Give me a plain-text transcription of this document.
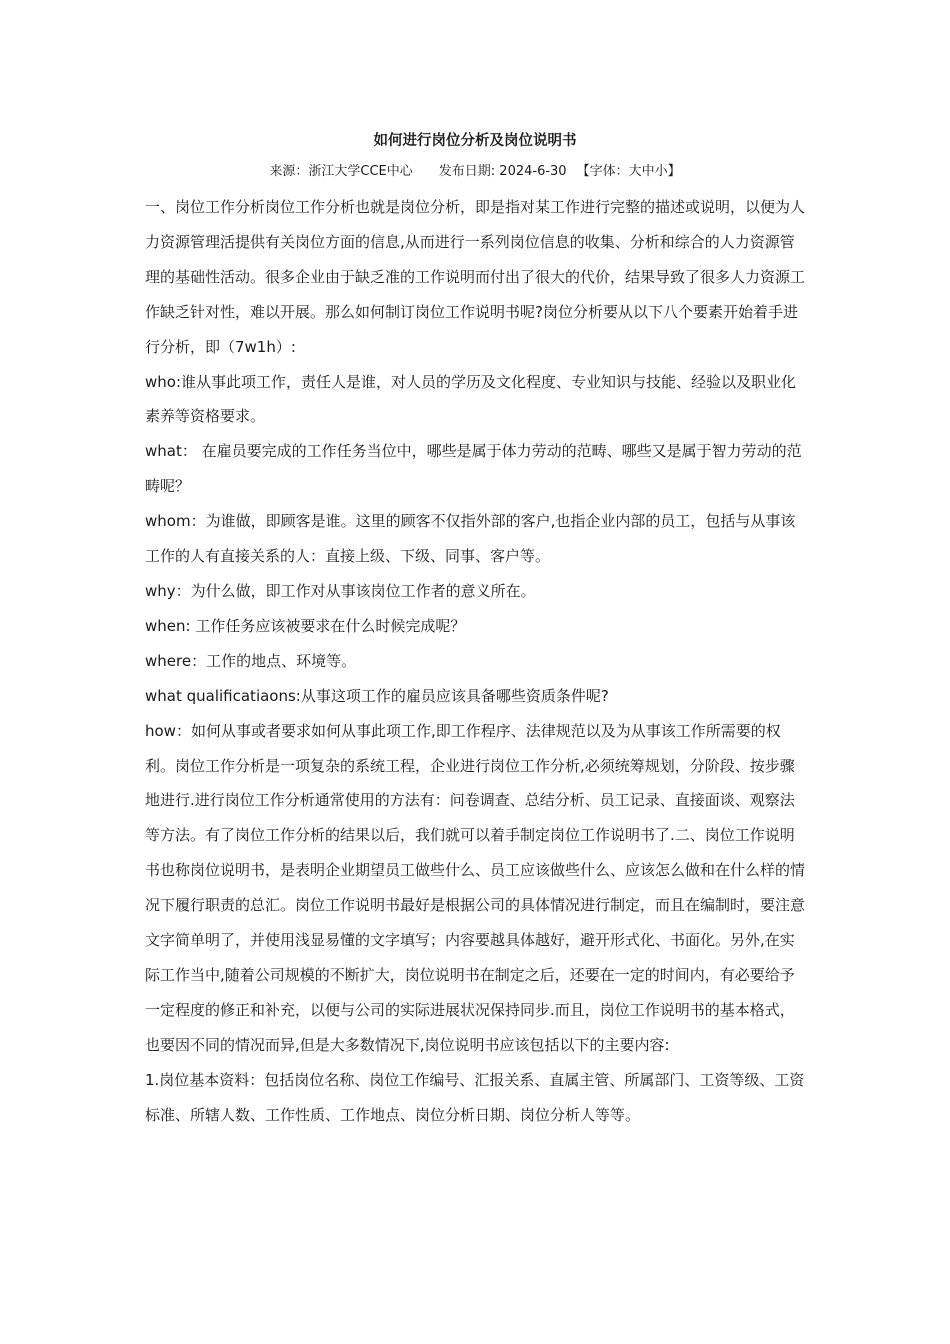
如何进行岗位分析及岗位说明书
来源：浙江大学CCE中心 发布日期: 2024-6-30 【字体：大中小】

一、岗位工作分析岗位工作分析也就是岗位分析，即是指对某工作进行完整的描述或说明，以便为人力资源管理活提供有关岗位方面的信息,从而进行一系列岗位信息的收集、分析和综合的人力资源管理的基础性活动。很多企业由于缺乏准的工作说明而付出了很大的代价，结果导致了很多人力资源工作缺乏针对性，难以开展。那么如何制订岗位工作说明书呢?岗位分析要从以下八个要素开始着手进行分析，即（7w1h）:

who:谁从事此项工作，责任人是谁，对人员的学历及文化程度、专业知识与技能、经验以及职业化素养等资格要求。

what： 在雇员要完成的工作任务当位中，哪些是属于体力劳动的范畴、哪些又是属于智力劳动的范畴呢？

whom：为谁做，即顾客是谁。这里的顾客不仅指外部的客户,也指企业内部的员工，包括与从事该工作的人有直接关系的人：直接上级、下级、同事、客户等。

why：为什么做，即工作对从事该岗位工作者的意义所在。

when: 工作任务应该被要求在什么时候完成呢？

where：工作的地点、环境等。

what qualificatiaons:从事这项工作的雇员应该具备哪些资质条件呢?

how：如何从事或者要求如何从事此项工作,即工作程序、法律规范以及为从事该工作所需要的权利。岗位工作分析是一项复杂的系统工程，企业进行岗位工作分析,必须统筹规划，分阶段、按步骤地进行.进行岗位工作分析通常使用的方法有：问卷调查、总结分析、员工记录、直接面谈、观察法等方法。有了岗位工作分析的结果以后，我们就可以着手制定岗位工作说明书了.二、岗位工作说明书也称岗位说明书，是表明企业期望员工做些什么、员工应该做些什么、应该怎么做和在什么样的情况下履行职责的总汇。岗位工作说明书最好是根据公司的具体情况进行制定，而且在编制时，要注意文字简单明了，并使用浅显易懂的文字填写；内容要越具体越好，避开形式化、书面化。另外,在实际工作当中,随着公司规模的不断扩大，岗位说明书在制定之后，还要在一定的时间内，有必要给予一定程度的修正和补充，以便与公司的实际进展状况保持同步.而且，岗位工作说明书的基本格式，也要因不同的情况而异,但是大多数情况下,岗位说明书应该包括以下的主要内容:

1.岗位基本资料：包括岗位名称、岗位工作编号、汇报关系、直属主管、所属部门、工资等级、工资标准、所辖人数、工作性质、工作地点、岗位分析日期、岗位分析人等等。
